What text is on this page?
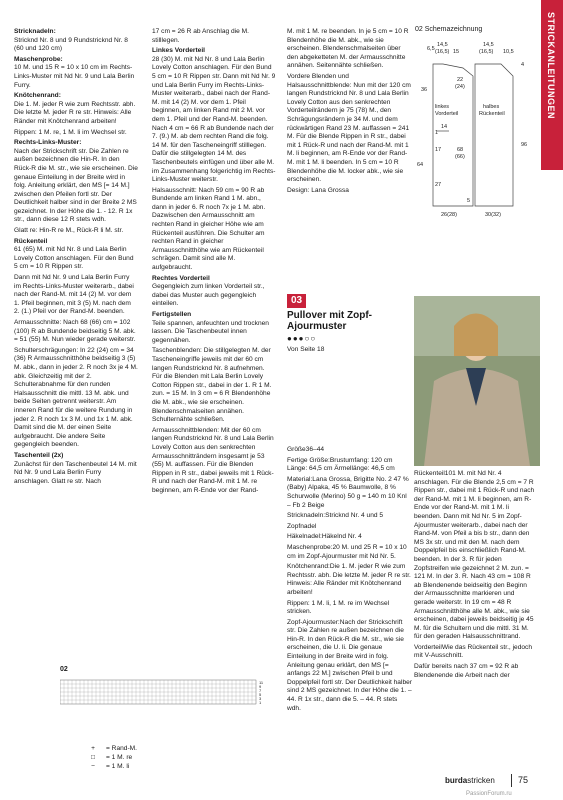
STRICKANLEITUNGEN

Stricknadeln:
Stricknd Nr. 8 und 9 Rundstricknd Nr. 8 (60 und 120 cm)

Maschenprobe:
10 M. und 15 R = 10 x 10 cm im Rechts-Links-Muster mit Nd Nr. 9 und Lala Berlin Furry.

Knötchenrand:
Die 1. M. jeder R wie zum Rechtsstr. abh. Die letzte M. jeder R re str. Hinweis: Alle Ränder mit Knötchenrand arbeiten!

Rippen: 1 M. re, 1 M. li im Wechsel str.

Rechts-Links-Muster:
Nach der Strickschrift str. Die Zahlen re außen bezeichnen die Hin-R. In den Rück-R die M. str., wie sie erscheinen. Die genaue Einteilung in der Breite wird in folg. Anleitung erklärt, den MS [= 14 M.] zwischen den Pfeilen fortl str. Der Deutlichkeit halber sind in der Breite 2 MS gezeichnet. In der Höhe die 1. - 12. R 1x str., dann diese 12 R stets wdh.

Glatt re: Hin-R re M., Rück-R li M. str.

Rückenteil
61 (65) M. mit Nd Nr. 8 und Lala Berlin Lovely Cotton anschlagen. Für den Bund 5 cm = 10 R Rippen str.

Dann mit Nd Nr. 9 und Lala Berlin Furry im Rechts-Links-Muster weiterarb., dabei nach der Rand-M. mit 14 (2) M. vor dem 1. Pfeil beginnen, mit 3 (5) M. nach dem 2. (1.) Pfeil vor der Rand-M. beenden.

Armausschnitte: Nach 68 (66) cm = 102 (100) R ab Bundende beidseitig 5 M. abk. = 51 (55) M. Nun wieder gerade weiterstr.

Schulterschrägungen: In 22 (24) cm = 34 (36) R Armausschnitthöhe beidseitig 3 (5) M. abk., dann in jeder 2. R noch 3x je 4 M. abk. Gleichzeitig mit der 2. Schulterabnahme für den runden Halsausschnitt die mittl. 13 M. abk. und beide Seiten getrennt weiterstr. Am inneren Rand für die weitere Rundung in jeder 2. R noch 1x 3 M. und 1x 1 M. abk. Damit sind die M. der einen Seite aufgebraucht. Die andere Seite gegengleich beenden.

Taschenteil (2x)
Zunächst für den Taschenbeutel 14 M. mit Nd Nr. 9 und Lala Berlin Furry anschlagen. Glatt re str. Nach

17 cm = 26 R ab Anschlag die M. stilllegen.

Linkes Vorderteil
28 (30) M. mit Nd Nr. 8 und Lala Berlin Lovely Cotton anschlagen. Für den Bund 5 cm = 10 R Rippen str. Dann mit Nd Nr. 9 und Lala Berlin Furry im Rechts-Links-Muster weiterarb., dabei nach der Rand-M. mit 14 (2) M. vor dem 1. Pfeil beginnen, am linken Rand mit 2 M. vor dem 1. Pfeil und der Rand-M. beenden. Nach 4 cm = 66 R ab Bundende nach der 7. (9.) M. ab dem rechten Rand die folg. 14 M. für den Taschеneingriff stilllegen. Dafür die stillgelegten 14 M. des Taschenbeutels einfügen und über alle M. im Zusammenhang folgerichtig im Rechts-Links-Muster weiterstr.

Halsausschnitt: Nach 59 cm = 90 R ab Bundende am linken Rand 1 M. abn., dann in jeder 6. R noch 7x je 1 M. abn. Dazwischen den Armausschnitt am rechten Rand in gleicher Höhe wie am Rückenteil ausführen. Die Schulter am rechten Rand in gleicher Armausschnitthöhe wie am Rückenteil schrägen. Damit sind alle M. aufgebraucht.

Rechtes Vorderteil
Gegengleich zum linken Vorderteil str., dabei das Muster auch gegengleich einteilen.

Fertigstellen
Teile spannen, anfeuchten und trocknen lassen. Die Taschenbeutel innen gegennähen.

Taschenblenden: Die stillgelegten M. der Tascheneingriffe jeweils mit der 60 cm langen Rundstricknd Nr. 8 aufnehmen. Für die Blenden mit Lala Berlin Lovely Cotton Rippen str., dabei in der 1. R 1 M. zun. = 15 M. In 3 cm = 6 R Blendenhöhe die M. abk., wie sie erscheinen. Blendenschmalseiten annähen. Schulternähte schließen.

Armausschnittblenden: Mit der 60 cm langen Rundstricknd Nr. 8 und Lala Berlin Lovely Cotton aus den senkrechten Armausschnitträndern insgesamt je 53 (55) M. auffassen. Für die Blenden Rippen in R str., dabei jeweils mit 1 Rück-R und nach der Rand-M. mit 1 M. re beginnen, am R-Ende vor der Rand-

M. mit 1 M. re beenden. In je 5 cm = 10 R Blendenhöhe die M. abk., wie sie erscheinen. Blendenschmalseiten über den abgeketteten M. der Armausschnitte annähen. Seitennähte schließen.

Vordere Blenden und Halsausschnittblende: Nun mit der 120 cm langen Rundstricknd Nr. 8 und Lala Berlin Lovely Cotton aus den senkrechten Vorderteilrändern je 75 (78) M., den Schrägungsrändern je 34 M. und dem rückwärtigen Rand 23 M. auffassen = 241 M. Für die Blende Rippen in R str., dabei mit 1 Rück-R und nach der Rand-M. mit 1 M. li beginnen, am R-Ende vor der Rand-M. mit 1 M. li beenden. In 5 cm = 10 R Blendenhöhe die M. locker abk., wie sie erscheinen.

Design: Lana Grossa

02 Schemazeichnung
6,5
14,5
(16,5) 15
14,5
(16,5) 10,5
4
36
22
(24)
linkes
Vorderteil
halbes
Rückenteil
14
1
64
17	68
(66)
27
96
5
26(28)	30(32)
02
11
9
7
5
3
1
+	= Rand-M.
□	= 1 M. re
−	= 1 M. li
03
Pullover mit Zopf-Ajourmuster
●●●○○
Von Seite 18

Größe36–44

Fertige Größe:Brustumfang: 120 cm Länge: 64,5 cm Ärmellänge: 46,5 cm

Material:Lana Grossa, Brigitte No. 2 47 % (Baby) Alpaka, 45 % Baumwolle, 8 % Schurwolle (Merino) 50 g = 140 m 10 Knl – Fb 2 Beige

Stricknadeln:Stricknd Nr. 4 und 5

Zopfnadel

Häkelnadel:Häkelnd Nr. 4

Maschenprobe:20 M. und 25 R = 10 x 10 cm im Zopf-Ajourmuster mit Nd Nr. 5.

Knötchenrand:Die 1. M. jeder R wie zum Rechtsstr. abh. Die letzte M. jeder R re str. Hinweis: Alle Ränder mit Knötchenrand arbeiten!

Rippen: 1 M. li, 1 M. re im Wechsel stricken.

Zopf-Ajourmuster:Nach der Strickschrift str. Die Zahlen re außen bezeichnen die Hin-R. In den Rück-R die M. str., wie sie erscheinen, die U. li. Die genaue Einteilung in der Breite wird in folg. Anleitung genau erklärt, den MS [= anfangs 22 M.] zwischen Pfeil b und Doppelpfeil fortl str. Der Deutlichkeit halber sind 2 MS gezeichnet. In der Höhe die 1. – 44. R 1x str., dann die 5. – 44. R stets wdh.

Rückenteil101 M. mit Nd Nr. 4 anschlagen. Für die Blende 2,5 cm = 7 R Rippen str., dabei mit 1 Rück-R und nach der Rand-M. mit 1 M. li beginnen, am R-Ende vor der Rand-M. mit 1 M. li beenden. Dann mit Nd Nr. 5 im Zopf-Ajourmuster weiterarb., dabei nach der Rand-M. von Pfeil a bis b str., dann den MS 3x str. und mit den M. nach dem Doppelpfeil bis einschließlich Rand-M. beenden. In der 3. R für jeden Zopfstreifen wie gezeichnet 2 M. zun. = 121 M. In der 3. R. Nach 43 cm = 108 R ab Blendenende beidseitig den Beginn der Armausschnitte markieren und gerade weiterstr. In 19 cm = 48 R Armausschnitthöhe alle M. abk., wie sie erscheinen, dabei jeweils beidseitig je 45 M. für die Schultern und die mittl. 31 M. für den geraden Halsausschnittrand.

VorderteilWie das Rückenteil str., jedoch mit V-Ausschnitt.

Dafür bereits nach 37 cm = 92 R ab Blendenende die Arbeit nach der

burdastricken	75
PassionForum.ru
